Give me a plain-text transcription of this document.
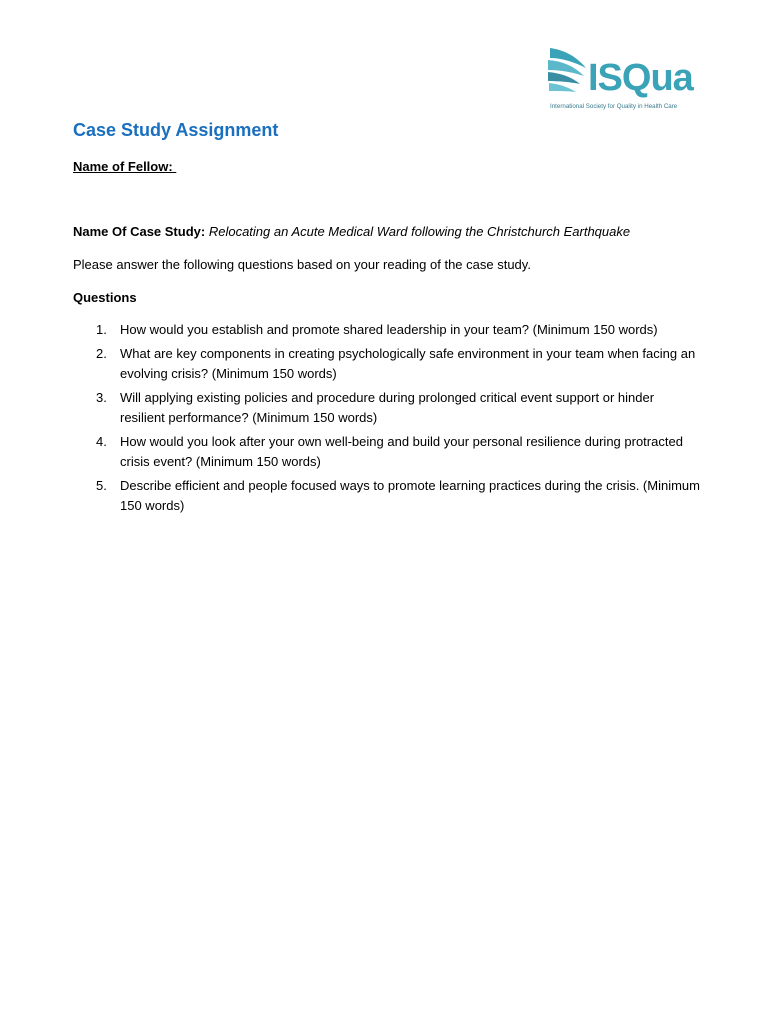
ISQua
International Society for Quality in Health Care
Case Study Assignment
Name of Fellow:
Name Of Case Study: Relocating an Acute Medical Ward following the Christchurch Earthquake
Please answer the following questions based on your reading of the case study.
Questions
1. How would you establish and promote shared leadership in your team? (Minimum 150 words)
2. What are key components in creating psychologically safe environment in your team when facing an evolving crisis? (Minimum 150 words)
3. Will applying existing policies and procedure during prolonged critical event support or hinder resilient performance? (Minimum 150 words)
4. How would you look after your own well-being and build your personal resilience during protracted crisis event? (Minimum 150 words)
5. Describe efficient and people focused ways to promote learning practices during the crisis. (Minimum 150 words)
